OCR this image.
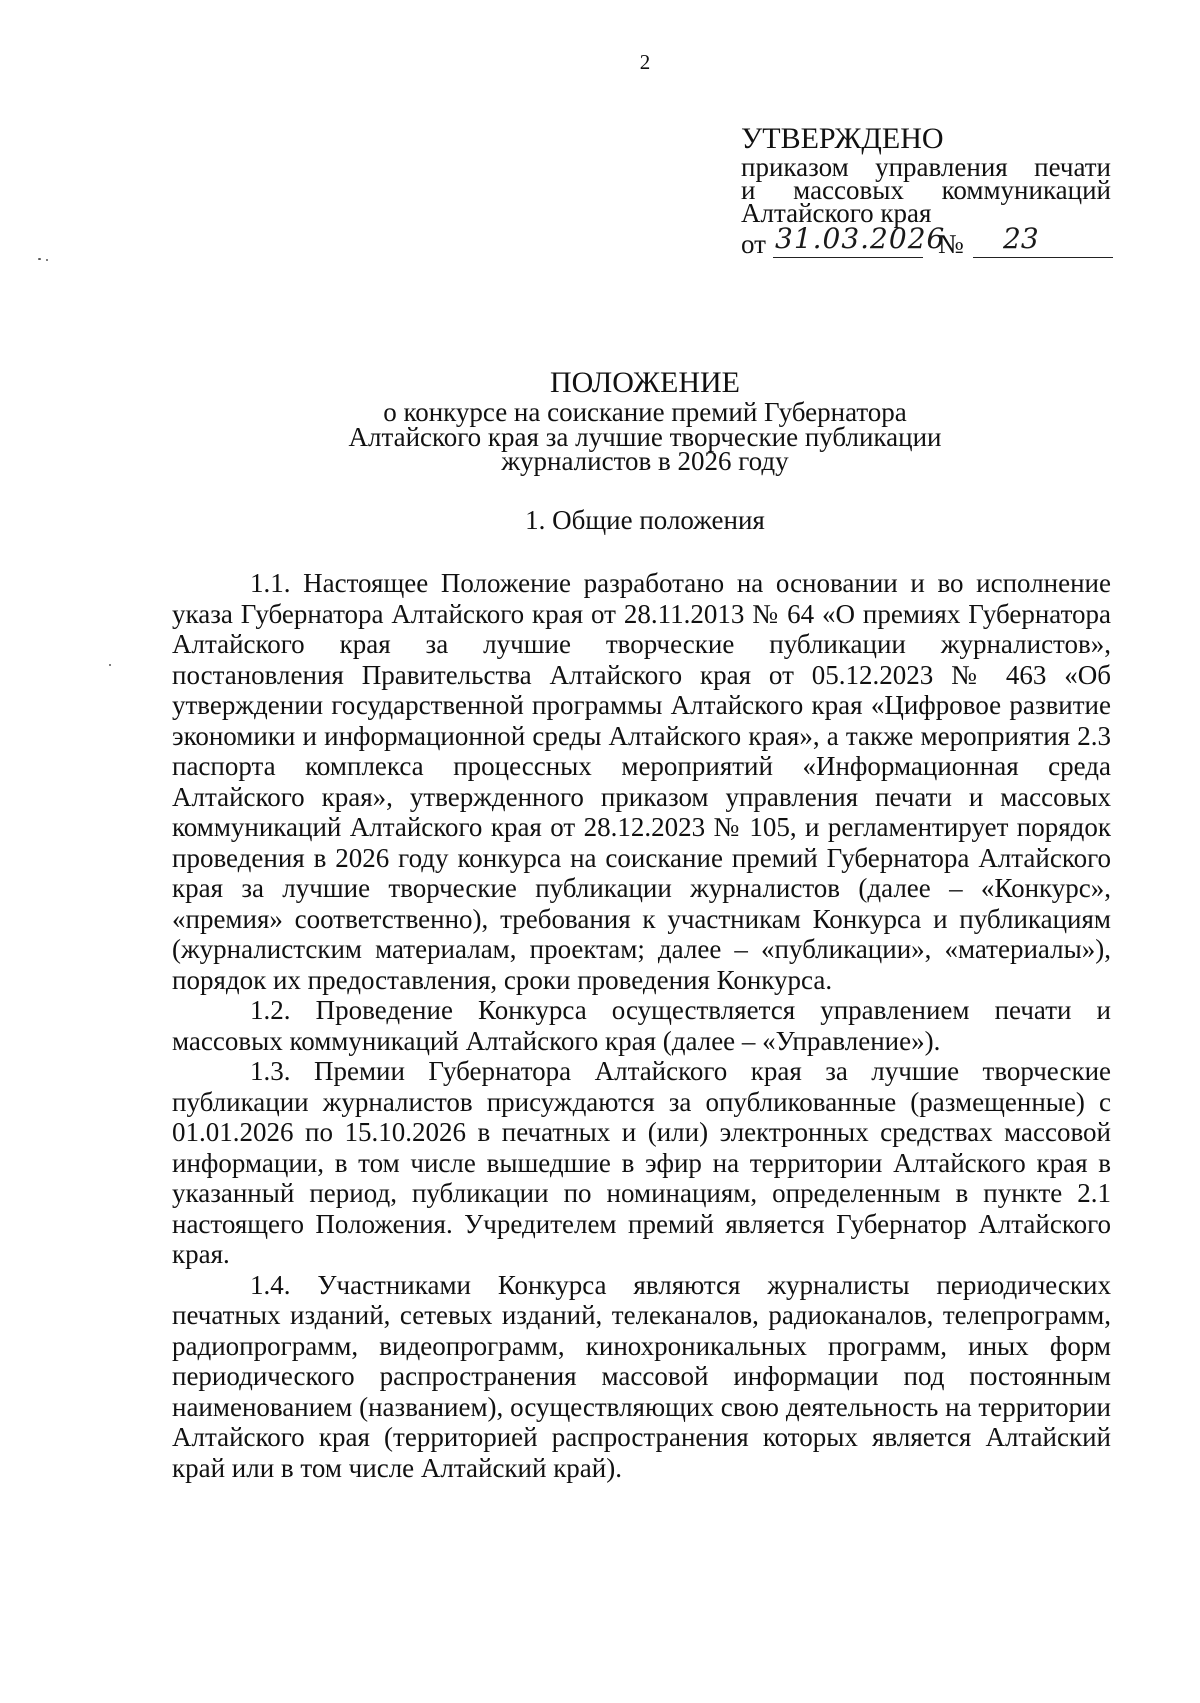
2
УТВЕРЖДЕНО
приказом управления печати
и массовых коммуникаций
Алтайского края
от 31.03.2026
№ 23
ПОЛОЖЕНИЕ
о конкурсе на соискание премий Губернатора
Алтайского края за лучшие творческие публикации
журналистов в 2026 году
1. Общие положения

1.1. Настоящее Положение разработано на основании и во исполнение указа Губернатора Алтайского края от 28.11.2013 № 64 «О премиях Губернатора Алтайского края за лучшие творческие публикации журналистов», постановления Правительства Алтайского края от 05.12.2023 № 463 «Об утверждении государственной программы Алтайского края «Цифровое развитие экономики и информационной среды Алтайского края», а также мероприятия 2.3 паспорта комплекса процессных мероприятий «Информационная среда Алтайского края», утвержденного приказом управления печати и массовых коммуникаций Алтайского края от 28.12.2023 № 105, и регламентирует порядок проведения в 2026 году конкурса на соискание премий Губернатора Алтайского края за лучшие творческие публикации журналистов (далее – «Конкурс», «премия» соответственно), требования к участникам Конкурса и публикациям (журналистским материалам, проектам; далее – «публикации», «материалы»), порядок их предоставления, сроки проведения Конкурса.

1.2. Проведение Конкурса осуществляется управлением печати и массовых коммуникаций Алтайского края (далее – «Управление»).

1.3. Премии Губернатора Алтайского края за лучшие творческие публикации журналистов присуждаются за опубликованные (размещенные) с 01.01.2026 по 15.10.2026 в печатных и (или) электронных средствах массовой информации, в том числе вышедшие в эфир на территории Алтайского края в указанный период, публикации по номинациям, определенным в пункте 2.1 настоящего Положения. Учредителем премий является Губернатор Алтайского края.

1.4. Участниками Конкурса являются журналисты периодических печатных изданий, сетевых изданий, телеканалов, радиоканалов, телепрограмм, радиопрограмм, видеопрограмм, кинохроникальных программ, иных форм периодического распространения массовой информации под постоянным наименованием (названием), осуществляющих свою деятельность на территории Алтайского края (территорией распространения которых является Алтайский край или в том числе Алтайский край).
